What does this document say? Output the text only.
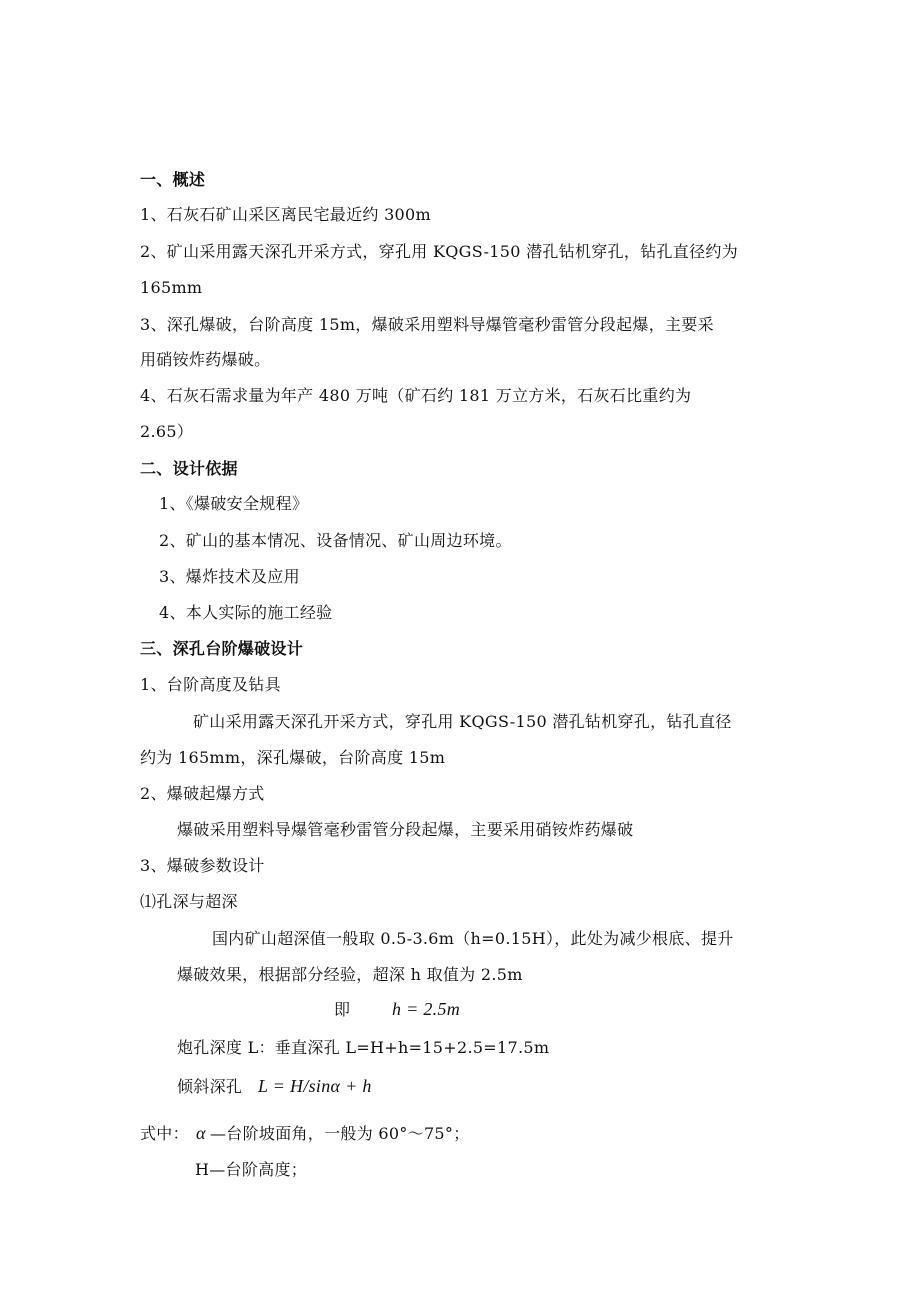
一、概述
1、石灰石矿山采区离民宅最近约 300m
2、矿山采用露天深孔开采方式，穿孔用 KQGS-150 潜孔钻机穿孔，钻孔直径约为
165mm
3、深孔爆破，台阶高度 15m，爆破采用塑料导爆管毫秒雷管分段起爆，主要采
用硝铵炸药爆破。
4、石灰石需求量为年产 480 万吨（矿石约 181 万立方米，石灰石比重约为
2.65）
二、设计依据
1、《爆破安全规程》
2、矿山的基本情况、设备情况、矿山周边环境。
3、爆炸技术及应用
4、本人实际的施工经验
三、深孔台阶爆破设计
1、台阶高度及钻具
矿山采用露天深孔开采方式，穿孔用 KQGS-150 潜孔钻机穿孔，钻孔直径
约为 165mm，深孔爆破，台阶高度 15m
2、爆破起爆方式
爆破采用塑料导爆管毫秒雷管分段起爆，主要采用硝铵炸药爆破
3、爆破参数设计
⑴孔深与超深
国内矿山超深值一般取 0.5-3.6m（h=0.15H），此处为减少根底、提升
爆破效果，根据部分经验，超深 h 取值为 2.5m
即 h = 2.5m
炮孔深度 L：垂直深孔 L=H+h=15+2.5=17.5m
倾斜深孔 L = H/sinα + h
式中： α —台阶坡面角，一般为 60°～75°；
H—台阶高度；
